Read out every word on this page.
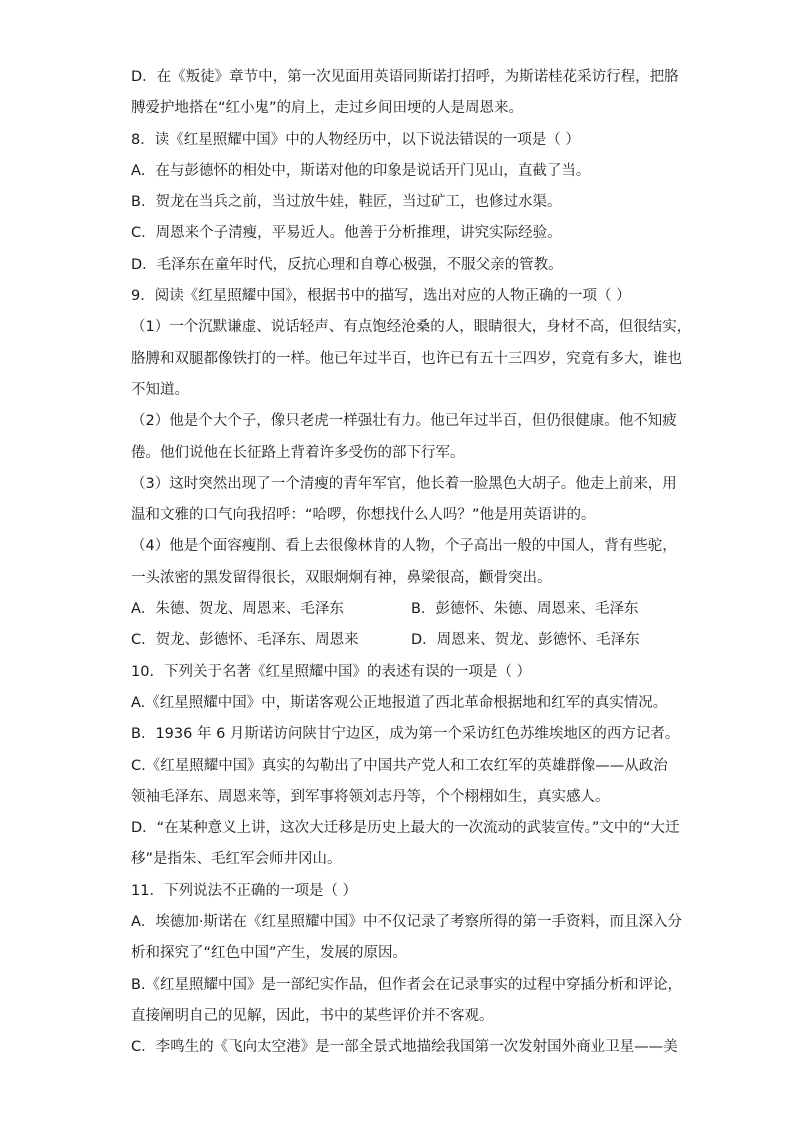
D．在《叛徒》章节中，第一次见面用英语同斯诺打招呼，为斯诺桂花采访行程，把胳
膊爱护地搭在“红小鬼”的肩上，走过乡间田埂的人是周恩来。
8．读《红星照耀中国》中的人物经历中，以下说法错误的一项是（ ）
A．在与彭德怀的相处中，斯诺对他的印象是说话开门见山，直截了当。
B．贺龙在当兵之前，当过放牛娃，鞋匠，当过矿工，也修过水渠。
C．周恩来个子清瘦，平易近人。他善于分析推理，讲究实际经验。
D．毛泽东在童年时代，反抗心理和自尊心极强，不服父亲的管教。
9．阅读《红星照耀中国》，根据书中的描写，选出对应的人物正确的一项（ ）
（1）一个沉默谦虚、说话轻声、有点饱经沧桑的人，眼睛很大，身材不高，但很结实，
胳膊和双腿都像铁打的一样。他已年过半百，也许已有五十三四岁，究竟有多大，谁也
不知道。
（2）他是个大个子，像只老虎一样强壮有力。他已年过半百，但仍很健康。他不知疲
倦。他们说他在长征路上背着许多受伤的部下行军。
（3）这时突然出现了一个清瘦的青年军官，他长着一脸黑色大胡子。他走上前来，用
温和文雅的口气向我招呼：“哈啰，你想找什么人吗？”他是用英语讲的。
（4）他是个面容瘦削、看上去很像林肯的人物，个子高出一般的中国人，背有些驼，
一头浓密的黑发留得很长，双眼炯炯有神，鼻梁很高，颧骨突出。
A．朱德、贺龙、周恩来、毛泽东	B．彭德怀、朱德、周恩来、毛泽东
C．贺龙、彭德怀、毛泽东、周恩来	D．周恩来、贺龙、彭德怀、毛泽东
10．下列关于名著《红星照耀中国》的表述有误的一项是（ ）
A.《红星照耀中国》中，斯诺客观公正地报道了西北革命根据地和红军的真实情况。
B．1936 年 6 月斯诺访问陕甘宁边区，成为第一个采访红色苏维埃地区的西方记者。
C.《红星照耀中国》真实的勾勒出了中国共产党人和工农红军的英雄群像——从政治
领袖毛泽东、周恩来等，到军事将领刘志丹等，个个栩栩如生，真实感人。
D．“在某种意义上讲，这次大迁移是历史上最大的一次流动的武装宣传。”文中的“大迁
移”是指朱、毛红军会师井冈山。
11．下列说法不正确的一项是（ ）
A．埃德加·斯诺在《红星照耀中国》中不仅记录了考察所得的第一手资料，而且深入分
析和探究了“红色中国”产生，发展的原因。
B.《红星照耀中国》是一部纪实作品，但作者会在记录事实的过程中穿插分析和评论，
直接阐明自己的见解，因此，书中的某些评价并不客观。
C．李鸣生的《飞向太空港》是一部全景式地描绘我国第一次发射国外商业卫星——美
